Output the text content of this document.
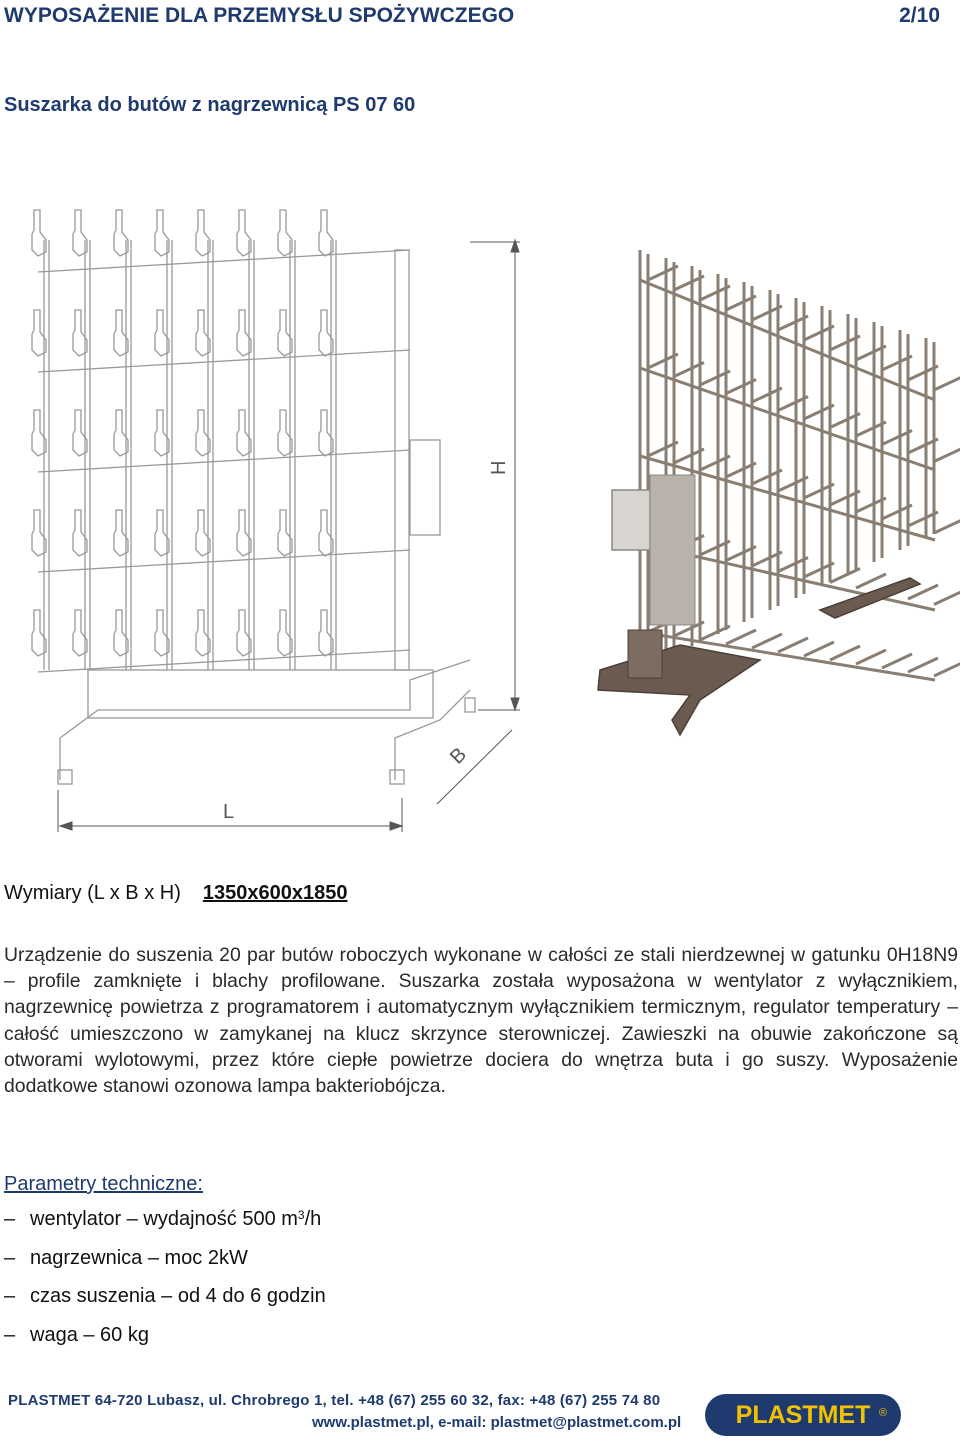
WYPOSAŻENIE DLA PRZEMYSŁU SPOŻYWCZEGO	2/10
Suszarka do butów z nagrzewnicą PS 07 60
H
B
L
Wymiary (L x B x H) 1350x600x1850
Urządzenie do suszenia 20 par butów roboczych wykonane w całości ze stali nierdzewnej w gatunku 0H18N9 – profile zamknięte i blachy profilowane. Suszarka została wyposażona w wentylator z wyłącznikiem, nagrzewnicę powietrza z programatorem i automatycznym wyłącznikiem termicznym, regulator temperatury – całość umieszczono w zamykanej na klucz skrzynce sterowniczej. Zawieszki na obuwie zakończone są otworami wylotowymi, przez które ciepłe powietrze dociera do wnętrza buta i go suszy. Wyposażenie dodatkowe stanowi ozonowa lampa bakteriobójcza.
Parametry techniczne:
– wentylator – wydajność 500 $m^3$ /h
– nagrzewnica – moc 2kW
– czas suszenia – od 4 do 6 godzin
– waga – 60 kg
PLASTMET 64-720 Lubasz, ul. Chrobrego 1, tel. +48 (67) 255 60 32, fax: +48 (67) 255 74 80
www.plastmet.pl, e-mail: plastmet@plastmet.com.pl PLASTMET ®
